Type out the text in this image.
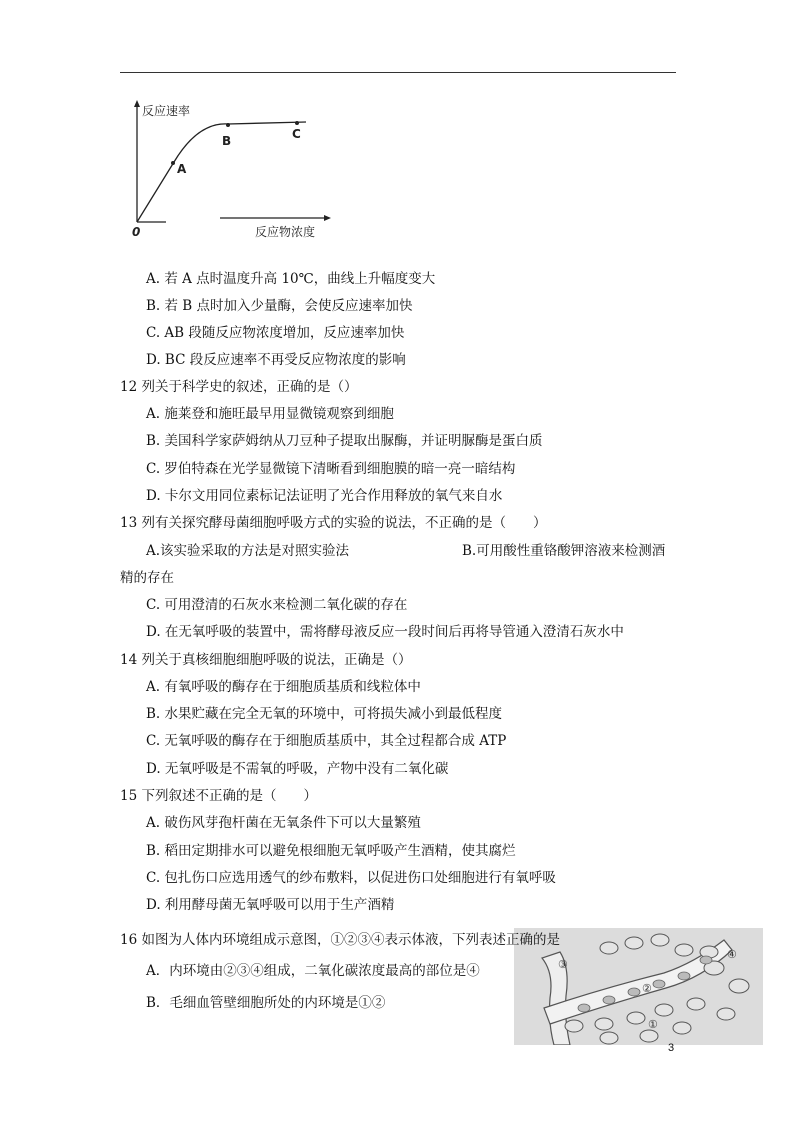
反应速率
A
B	C
0	反应物浓度
A. 若 A 点时温度升高 10℃，曲线上升幅度变大
B. 若 B 点时加入少量酶，会使反应速率加快
C. AB 段随反应物浓度增加，反应速率加快
D. BC 段反应速率不再受反应物浓度的影响
12 列关于科学史的叙述，正确的是（）
A. 施莱登和施旺最早用显微镜观察到细胞
B. 美国科学家萨姆纳从刀豆种子提取出脲酶，并证明脲酶是蛋白质
C. 罗伯特森在光学显微镜下清晰看到细胞膜的暗一亮一暗结构
D. 卡尔文用同位素标记法证明了光合作用释放的氧气来自水
13 列有关探究酵母菌细胞呼吸方式的实验的说法，不正确的是（　　）
A.该实验采取的方法是对照实验法	B.可用酸性重铬酸钾溶液来检测酒
精的存在
C. 可用澄清的石灰水来检测二氧化碳的存在
D. 在无氧呼吸的装置中，需将酵母液反应一段时间后再将导管通入澄清石灰水中
14 列关于真核细胞细胞呼吸的说法，正确是（）
A. 有氧呼吸的酶存在于细胞质基质和线粒体中
B. 水果贮藏在完全无氧的环境中，可将损失减小到最低程度
C. 无氧呼吸的酶存在于细胞质基质中，其全过程都合成 ATP
D. 无氧呼吸是不需氧的呼吸，产物中没有二氧化碳
15 下列叙述不正确的是（　　）
A. 破伤风芽孢杆菌在无氧条件下可以大量繁殖
B. 稻田定期排水可以避免根细胞无氧呼吸产生酒精，使其腐烂
C. 包扎伤口应选用透气的纱布敷料，以促进伤口处细胞进行有氧呼吸
D. 利用酵母菌无氧呼吸可以用于生产酒精
③
②
①
④
16 如图为人体内环境组成示意图，①②③④表示体液，下列表述正确的是
A．内环境由②③④组成，二氧化碳浓度最高的部位是④
B．毛细血管壁细胞所处的内环境是①②
3
